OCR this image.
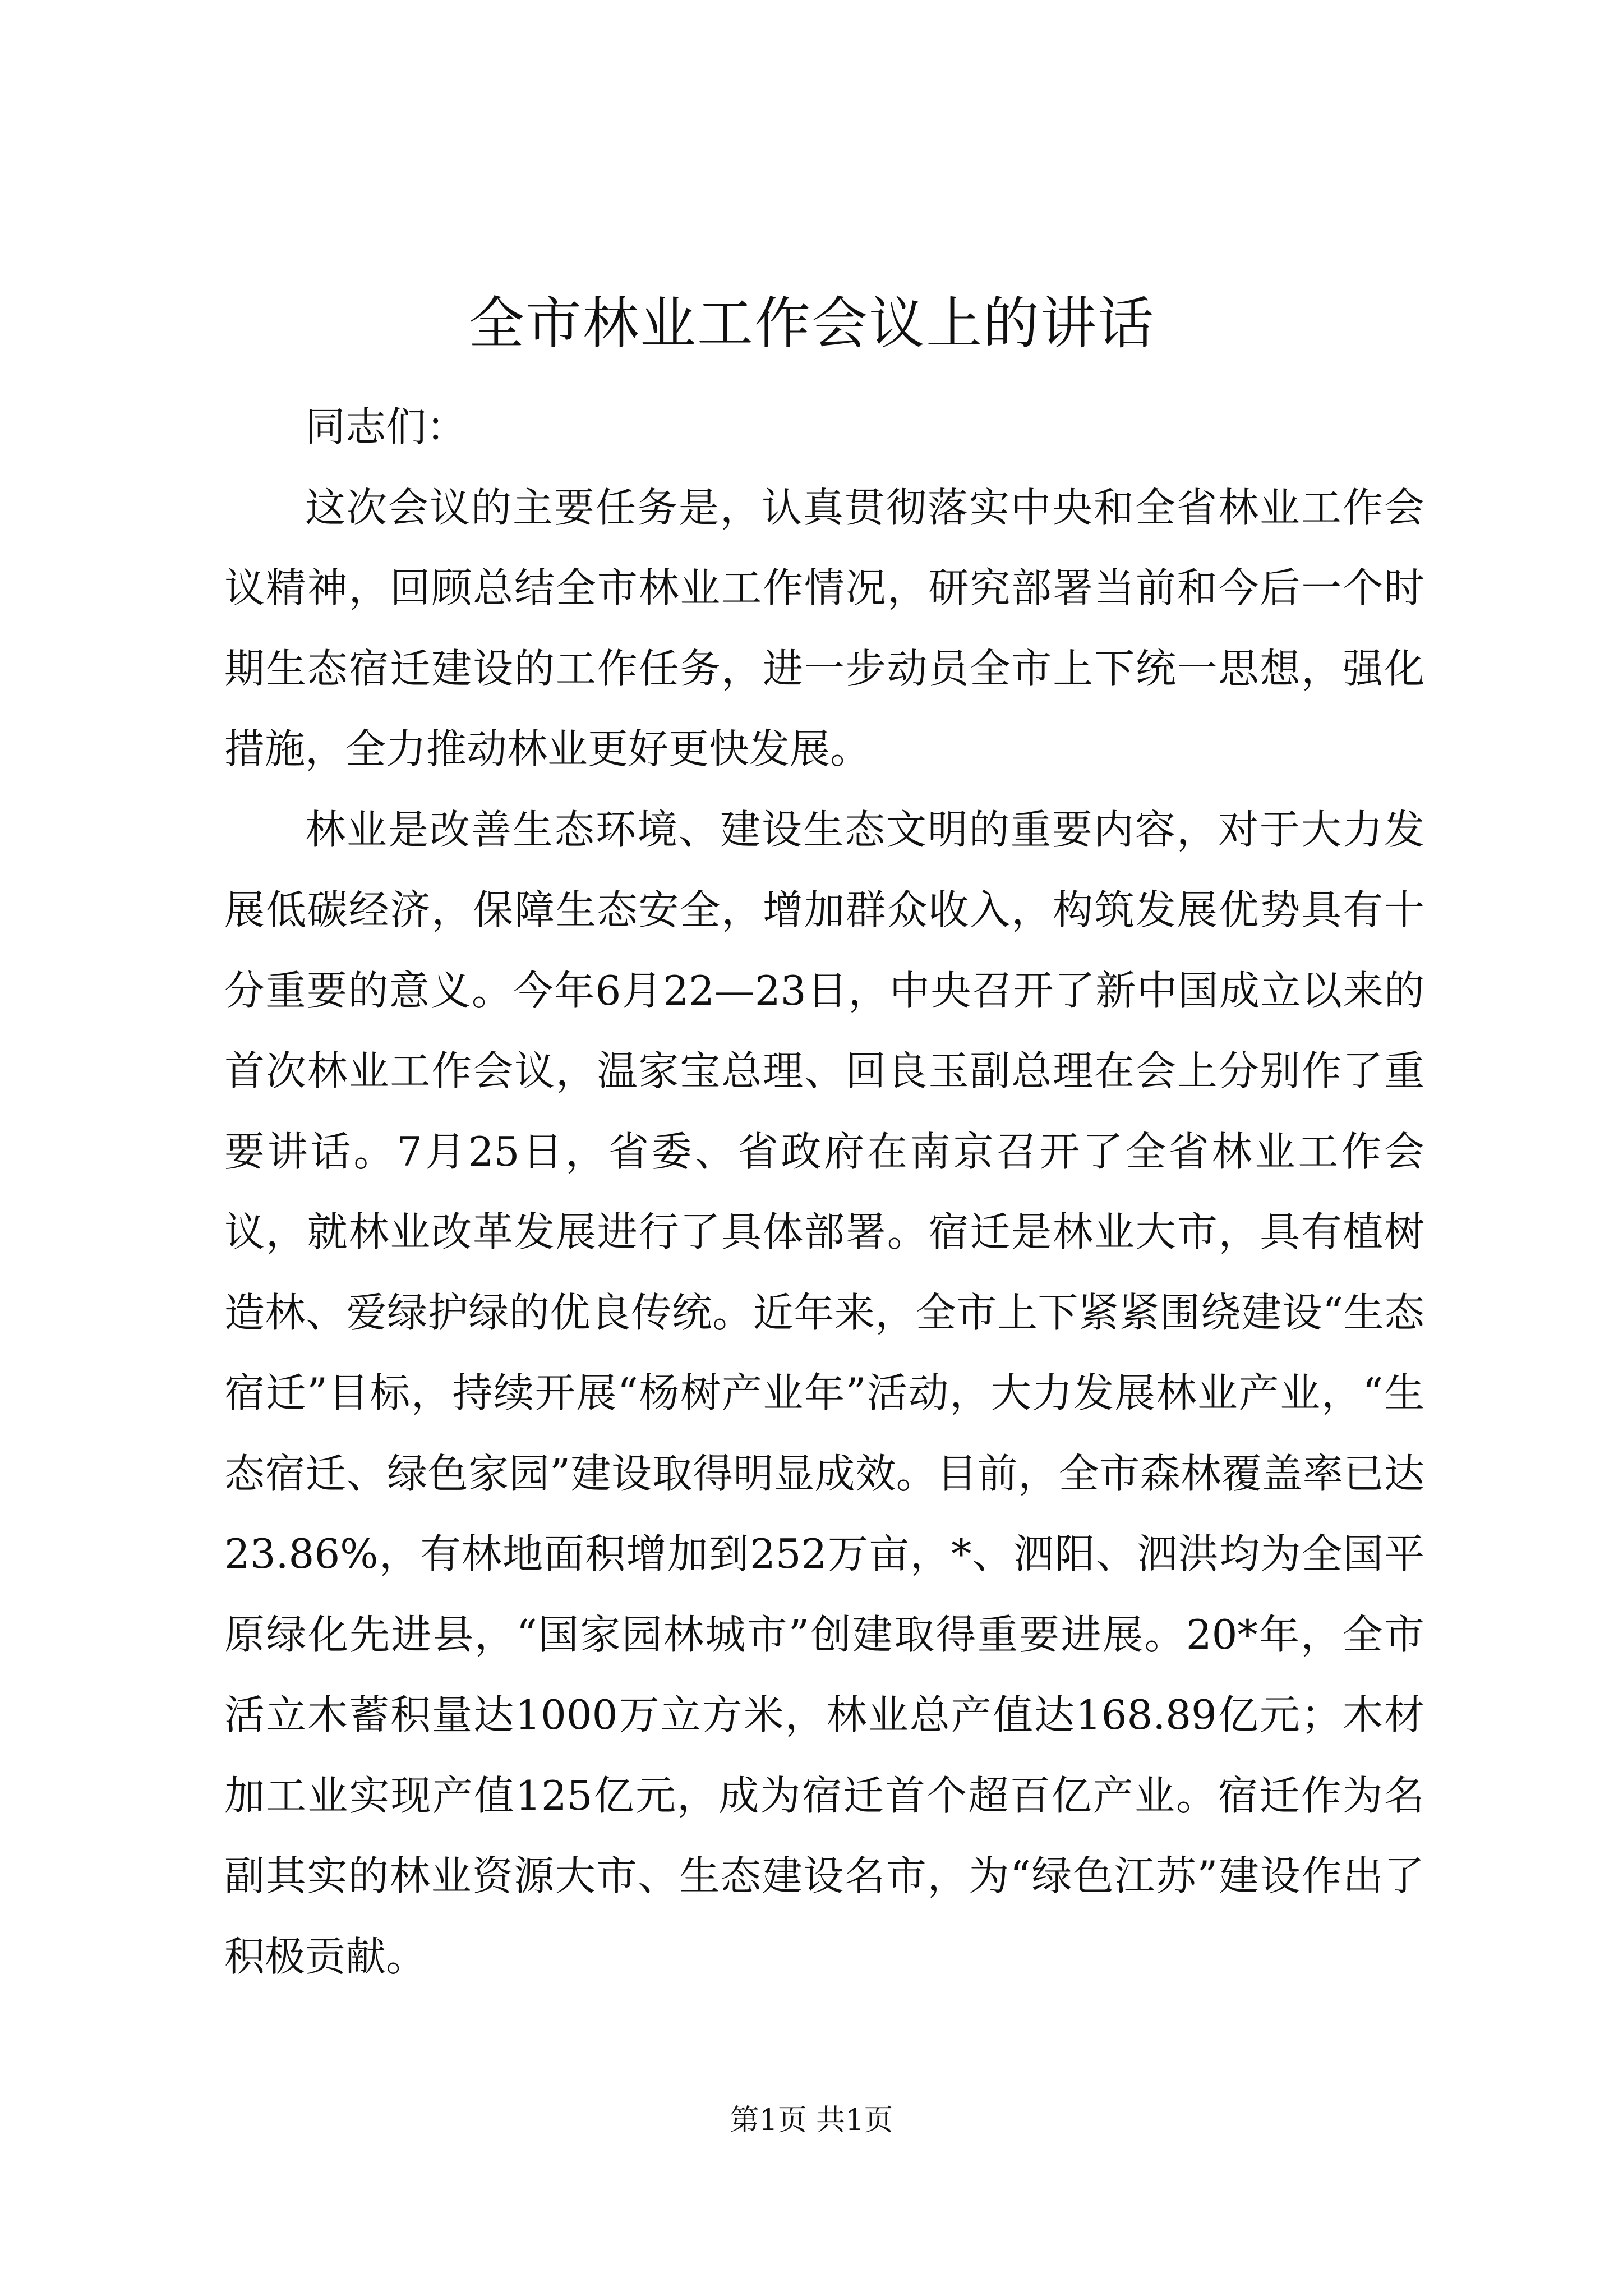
全市林业工作会议上的讲话

同志们：

这次会议的主要任务是，认真贯彻落实中央和全省林业工作会议精神，回顾总结全市林业工作情况，研究部署当前和今后一个时期生态宿迁建设的工作任务，进一步动员全市上下统一思想，强化措施，全力推动林业更好更快发展。

林业是改善生态环境、建设生态文明的重要内容，对于大力发展低碳经济，保障生态安全，增加群众收入，构筑发展优势具有十分重要的意义。今年6月22—23日，中央召开了新中国成立以来的首次林业工作会议，温家宝总理、回良玉副总理在会上分别作了重要讲话。7月25日，省委、省政府在南京召开了全省林业工作会议，就林业改革发展进行了具体部署。宿迁是林业大市，具有植树造林、爱绿护绿的优良传统。近年来，全市上下紧紧围绕建设“生态宿迁”目标，持续开展“杨树产业年”活动，大力发展林业产业，“生态宿迁、绿色家园”建设取得明显成效。目前，全市森林覆盖率已达23.86%，有林地面积增加到252万亩，*、泗阳、泗洪均为全国平原绿化先进县，“国家园林城市”创建取得重要进展。20*年，全市活立木蓄积量达1000万立方米，林业总产值达168.89亿元；木材加工业实现产值125亿元，成为宿迁首个超百亿产业。宿迁作为名副其实的林业资源大市、生态建设名市，为“绿色江苏”建设作出了积极贡献。

第1页 共1页
